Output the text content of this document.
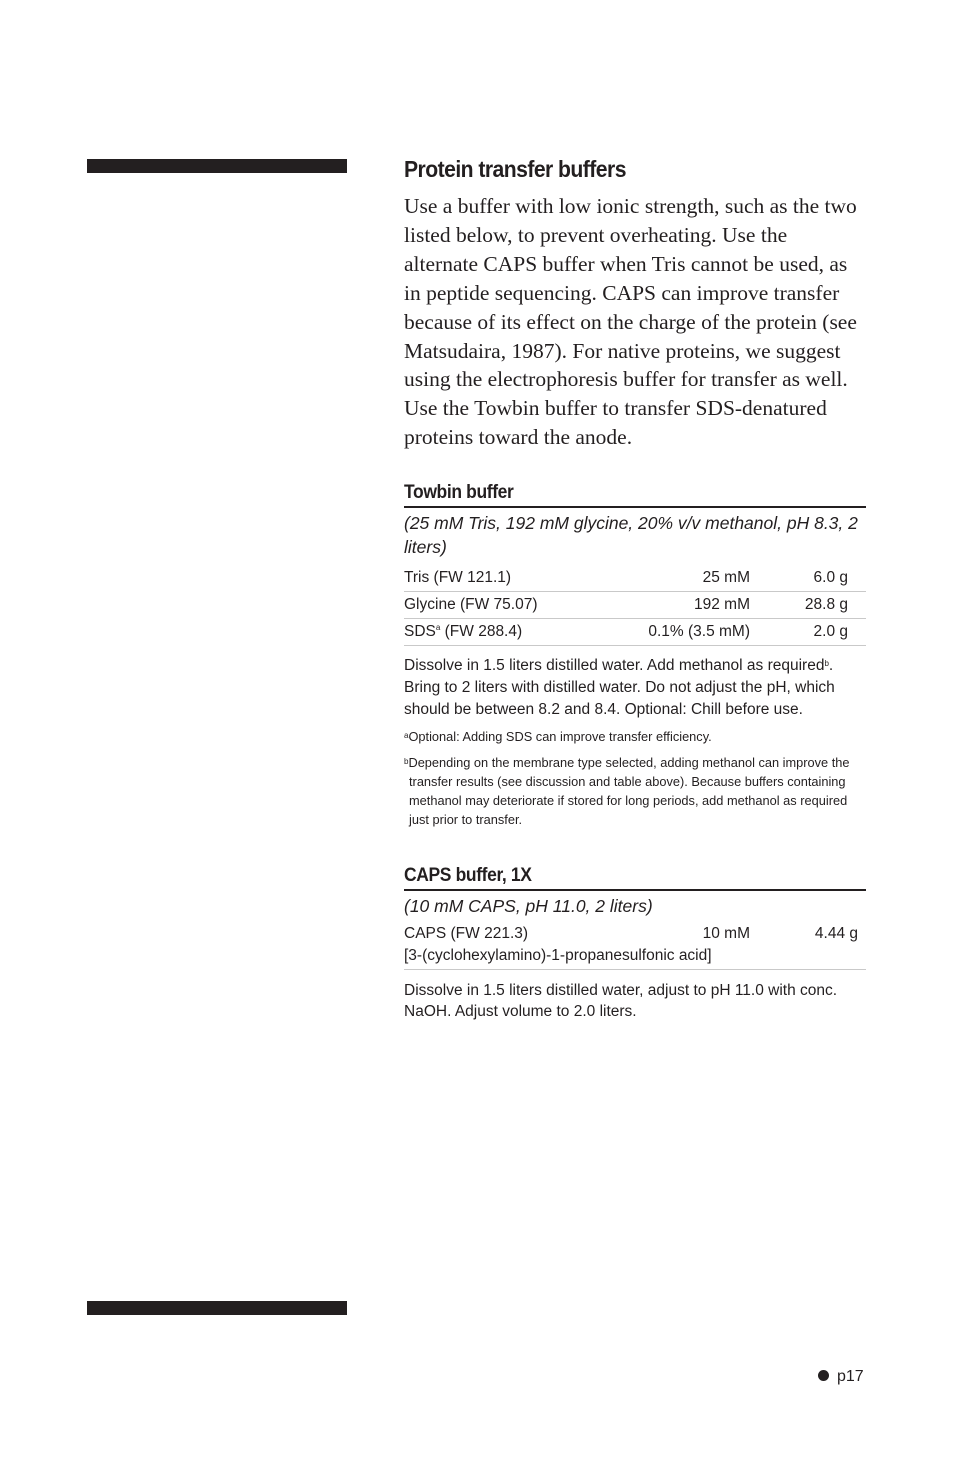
Protein transfer buffers

Use a buffer with low ionic strength, such as the two listed below, to prevent overheating. Use the alternate CAPS buffer when Tris cannot be used, as in peptide sequencing. CAPS can improve transfer because of its effect on the charge of the protein (see Matsudaira, 1987). For native proteins, we suggest using the electrophoresis buffer for transfer as well. Use the Towbin buffer to transfer SDS-denatured proteins toward the anode.

Towbin buffer
(25 mM Tris, 192 mM glycine, 20% v/v methanol, pH 8.3, 2 liters)
Tris (FW 121.1)	25 mM	6.0 g
Glycine (FW 75.07)	192 mM	28.8 g
SDS$^a$ (FW 288.4)	0.1% (3.5 mM)	2.0 g

Dissolve in 1.5 liters distilled water. Add methanol as required$^b$. Bring to 2 liters with distilled water. Do not adjust the pH, which should be between 8.2 and 8.4. Optional: Chill before use.

$^a$Optional: Adding SDS can improve transfer efficiency.

$^b$Depending on the membrane type selected, adding methanol can improve the transfer results (see discussion and table above). Because buffers containing methanol may deteriorate if stored for long periods, add methanol as required just prior to transfer.

CAPS buffer, 1X
(10 mM CAPS, pH 11.0, 2 liters)
CAPS (FW 221.3)	10 mM	4.44 g
[3-(cyclohexylamino)-1-propanesulfonic acid]

Dissolve in 1.5 liters distilled water, adjust to pH 11.0 with conc. NaOH. Adjust volume to 2.0 liters.

p17
